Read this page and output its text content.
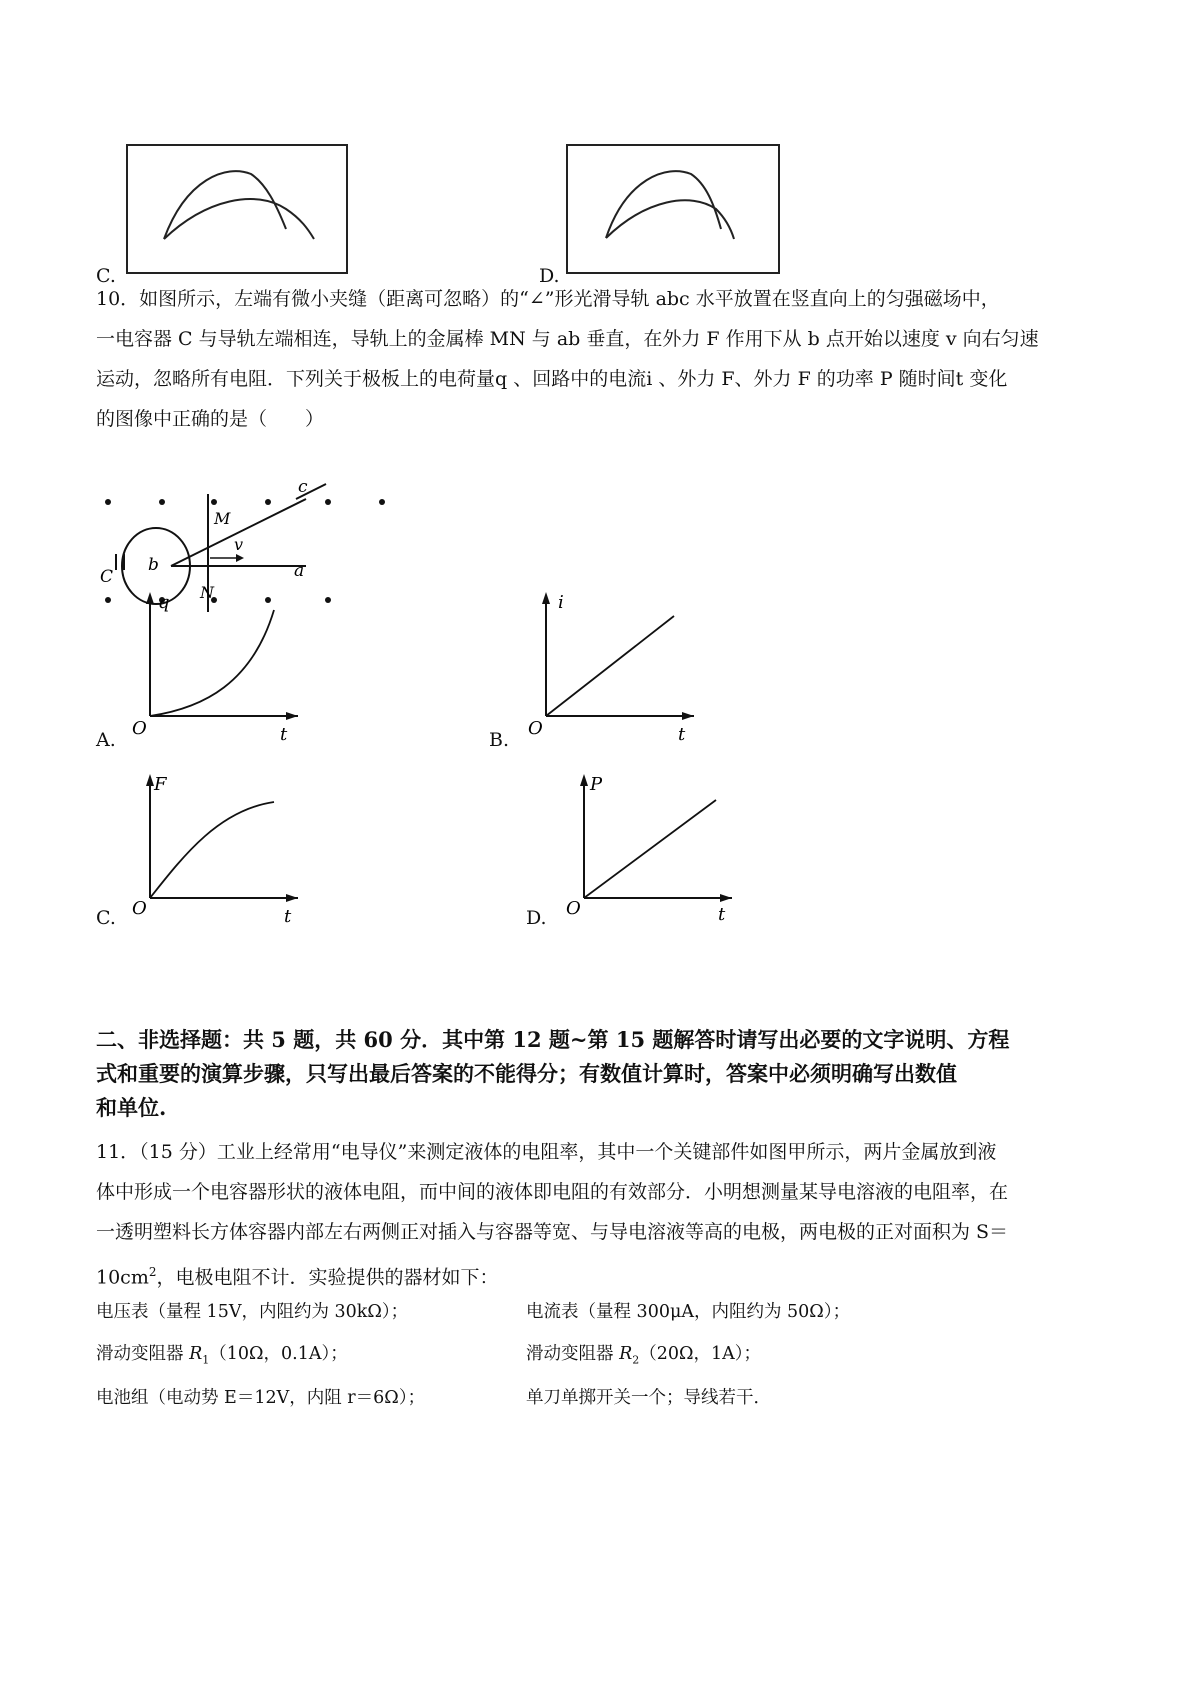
C.	D.
10．如图所示，左端有微小夹缝（距离可忽略）的“∠”形光滑导轨 abc 水平放置在竖直向上的匀强磁场中，
一电容器 C 与导轨左端相连，导轨上的金属棒 MN 与 ab 垂直，在外力 F 作用下从 b 点开始以速度 v 向右匀速
运动，忽略所有电阻．下列关于极板上的电荷量q 、回路中的电流i 、外力 F、外力 F 的功率 P 随时间t 变化
的图像中正确的是（　　）
c
M
b
v
a
C
N
q
t
O
A.
i
t
O
B.
F
t
O
C.
P
t
O
D.
二、非选择题：共 5 题，共 60 分．其中第 12 题~第 15 题解答时请写出必要的文字说明、方程
式和重要的演算步骤，只写出最后答案的不能得分；有数值计算时，答案中必须明确写出数值
和单位.
11．（15 分）工业上经常用“电导仪”来测定液体的电阻率，其中一个关键部件如图甲所示，两片金属放到液
体中形成一个电容器形状的液体电阻，而中间的液体即电阻的有效部分．小明想测量某导电溶液的电阻率，在
一透明塑料长方体容器内部左右两侧正对插入与容器等宽、与导电溶液等高的电极，两电极的正对面积为 S＝
$10cm^2$，电极电阻不计．实验提供的器材如下：
电压表（量程 15V，内阻约为 30kΩ）；	电流表（量程 300μA，内阻约为 50Ω）；
滑动变阻器 $R_1(10\Omega$，0.1A）；	滑动变阻器 $R_2(20\Omega$，1A）；
电池组（电动势 E＝12V，内阻 r＝6Ω）；	单刀单掷开关一个；导线若干．
